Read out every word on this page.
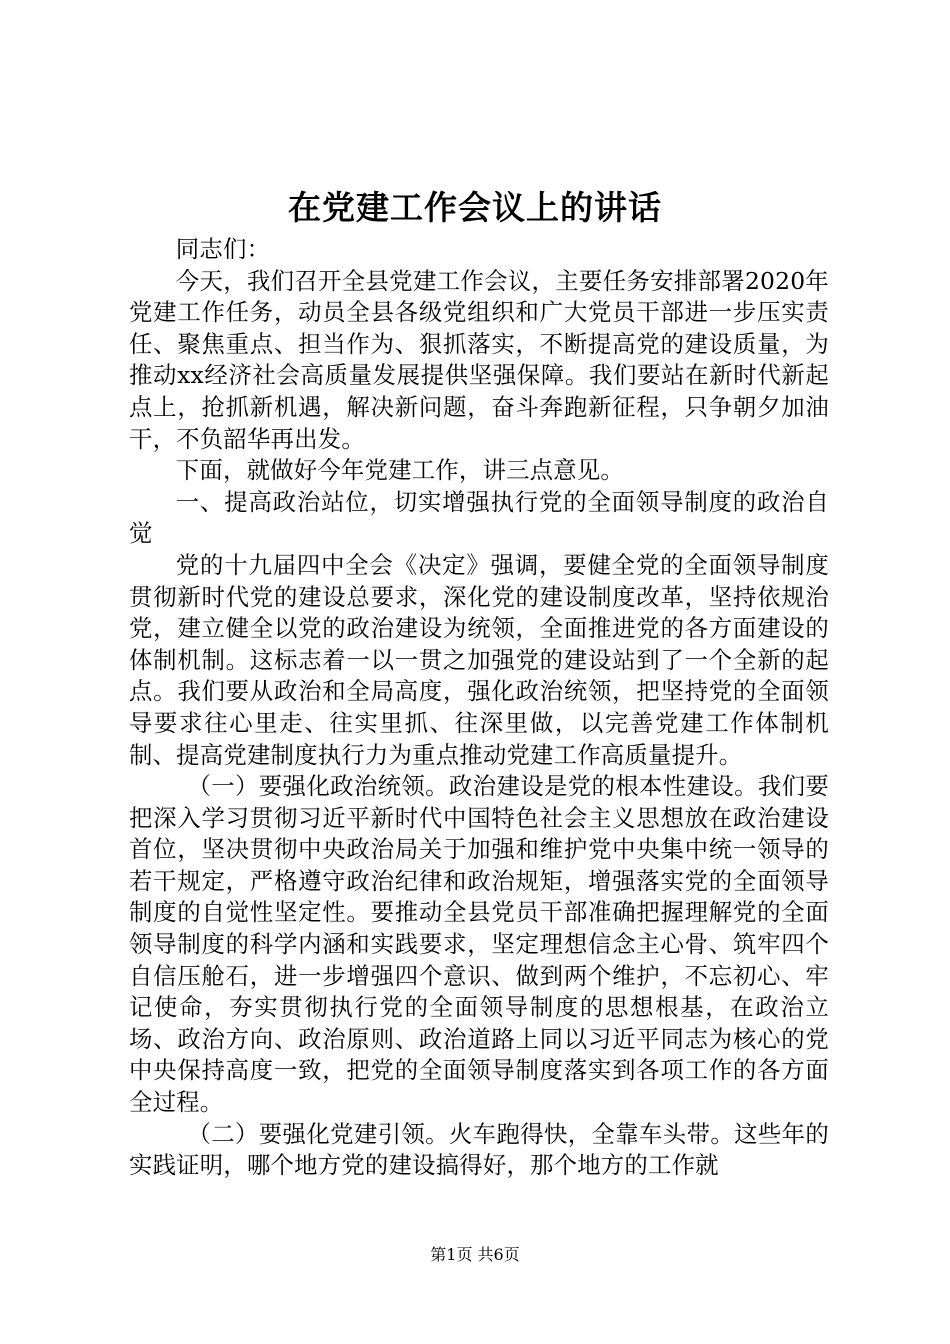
在党建工作会议上的讲话

同志们：

今天，我们召开全县党建工作会议，主要任务安排部署2020年党建工作任务，动员全县各级党组织和广大党员干部进一步压实责任、聚焦重点、担当作为、狠抓落实，不断提高党的建设质量，为推动xx经济社会高质量发展提供坚强保障。我们要站在新时代新起点上，抢抓新机遇，解决新问题，奋斗奔跑新征程，只争朝夕加油干，不负韶华再出发。

下面，就做好今年党建工作，讲三点意见。

一、提高政治站位，切实增强执行党的全面领导制度的政治自觉

党的十九届四中全会《决定》强调，要健全党的全面领导制度贯彻新时代党的建设总要求，深化党的建设制度改革，坚持依规治党，建立健全以党的政治建设为统领，全面推进党的各方面建设的体制机制。这标志着一以一贯之加强党的建设站到了一个全新的起点。我们要从政治和全局高度，强化政治统领，把坚持党的全面领导要求往心里走、往实里抓、往深里做，以完善党建工作体制机制、提高党建制度执行力为重点推动党建工作高质量提升。

（一）要强化政治统领。政治建设是党的根本性建设。我们要把深入学习贯彻习近平新时代中国特色社会主义思想放在政治建设首位，坚决贯彻中央政治局关于加强和维护党中央集中统一领导的若干规定，严格遵守政治纪律和政治规矩，增强落实党的全面领导制度的自觉性坚定性。要推动全县党员干部准确把握理解党的全面领导制度的科学内涵和实践要求，坚定理想信念主心骨、筑牢四个自信压舱石，进一步增强四个意识、做到两个维护，不忘初心、牢记使命，夯实贯彻执行党的全面领导制度的思想根基，在政治立场、政治方向、政治原则、政治道路上同以习近平同志为核心的党中央保持高度一致，把党的全面领导制度落实到各项工作的各方面全过程。

（二）要强化党建引领。火车跑得快，全靠车头带。这些年的实践证明，哪个地方党的建设搞得好，那个地方的工作就

第1页 共6页
